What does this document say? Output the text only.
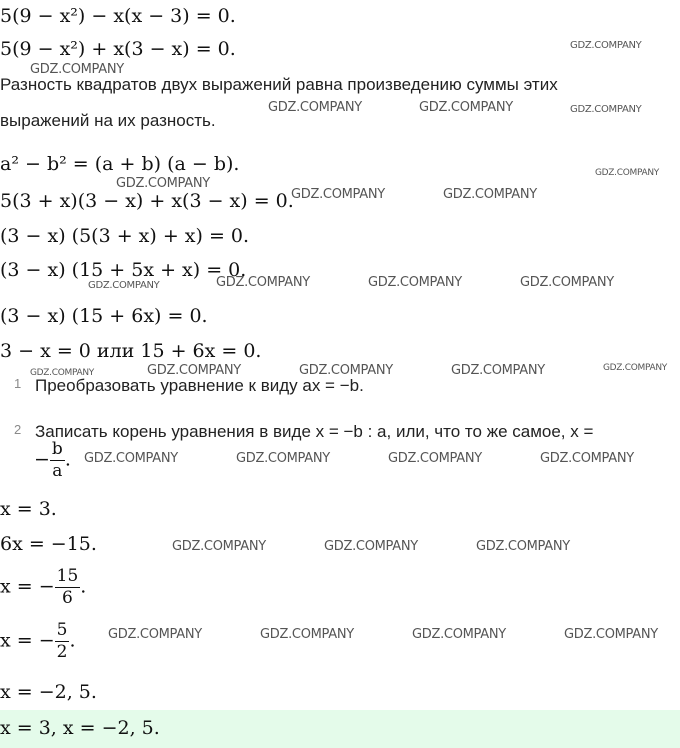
5(9 − x²) − x(x − 3) = 0.
5(9 − x²) + x(3 − x) = 0.
Разность квадратов двух выражений равна произведению суммы этих
выражений на их разность.
a² − b² = (a + b) (a − b).
5(3 + x)(3 − x) + x(3 − x) = 0.
(3 − x) (5(3 + x) + x) = 0.
(3 − x) (15 + 5x + x) = 0.
(3 − x) (15 + 6x) = 0.
3 − x = 0 или 15 + 6x = 0.
1 Преобразовать уравнение к виду ax = −b.
2 Записать корень уравнения в виде x = −b : a, или, что то же самое, x =
− $\frac{b}{a}$ .
x = 3.
6x = −15.
x = − $\frac{15}{6}$ .
x = − $\frac{5}{2}$ .
x = −2, 5.
x = 3, x = −2, 5.
GDZ.COMPANY
GDZ.COMPANY
GDZ.COMPANY	GDZ.COMPANY	GDZ.COMPANY
GDZ.COMPANY
GDZ.COMPANY
GDZ.COMPANY	GDZ.COMPANY
GDZ.COMPANY	GDZ.COMPANY	GDZ.COMPANY	GDZ.COMPANY
GDZ.COMPANY	GDZ.COMPANY	GDZ.COMPANY	GDZ.COMPANY	GDZ.COMPANY
GDZ.COMPANY	GDZ.COMPANY	GDZ.COMPANY	GDZ.COMPANY
GDZ.COMPANY	GDZ.COMPANY	GDZ.COMPANY
GDZ.COMPANY	GDZ.COMPANY	GDZ.COMPANY	GDZ.COMPANY
